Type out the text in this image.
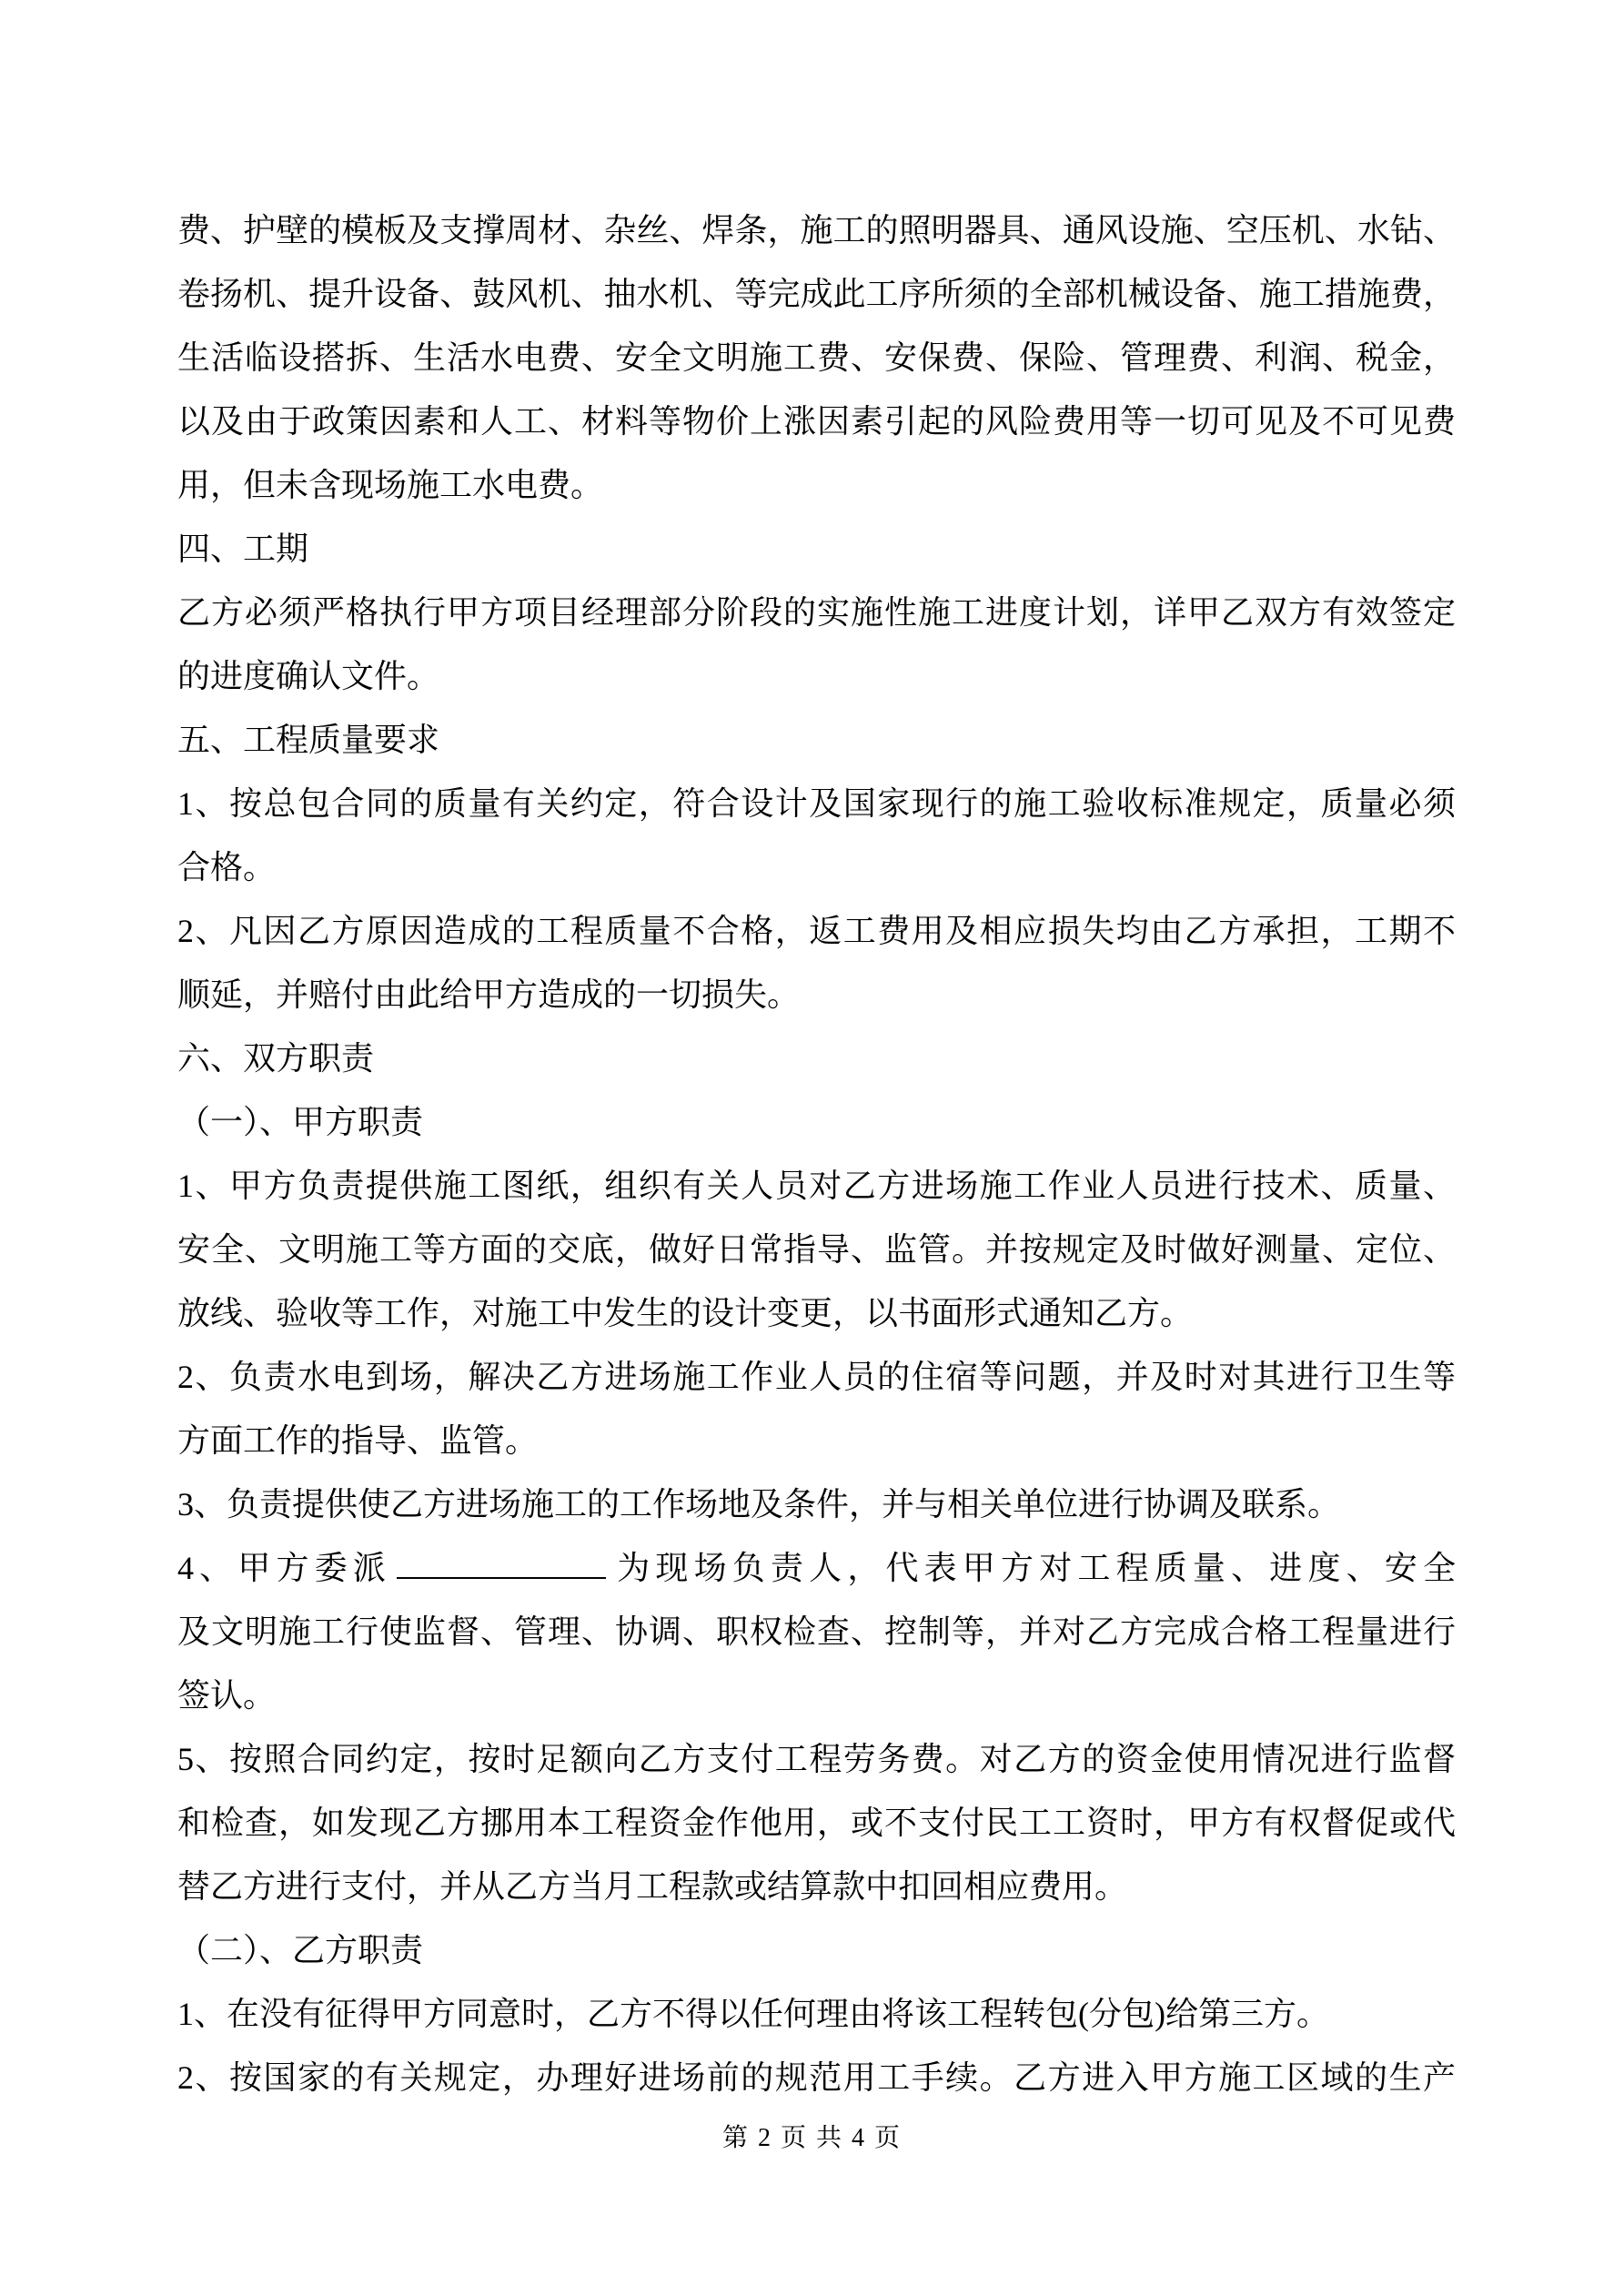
费、护壁的模板及支撑周材、杂丝、焊条，施工的照明器具、通风设施、空压机、水钻、
卷扬机、提升设备、鼓风机、抽水机、等完成此工序所须的全部机械设备、施工措施费，
生活临设搭拆、生活水电费、安全文明施工费、安保费、保险、管理费、利润、税金，
以及由于政策因素和人工、材料等物价上涨因素引起的风险费用等一切可见及不可见费
用，但未含现场施工水电费。
四、工期
乙方必须严格执行甲方项目经理部分阶段的实施性施工进度计划，详甲乙双方有效签定
的进度确认文件。
五、工程质量要求
1、按总包合同的质量有关约定，符合设计及国家现行的施工验收标准规定，质量必须
合格。
2、凡因乙方原因造成的工程质量不合格，返工费用及相应损失均由乙方承担，工期不
顺延，并赔付由此给甲方造成的一切损失。
六、双方职责
（一）、甲方职责
1、甲方负责提供施工图纸，组织有关人员对乙方进场施工作业人员进行技术、质量、
安全、文明施工等方面的交底，做好日常指导、监管。并按规定及时做好测量、定位、
放线、验收等工作，对施工中发生的设计变更，以书面形式通知乙方。
2、负责水电到场，解决乙方进场施工作业人员的住宿等问题，并及时对其进行卫生等
方面工作的指导、监管。
3、负责提供使乙方进场施工的工作场地及条件，并与相关单位进行协调及联系。
4、甲方委派	为现场负责人，代表甲方对工程质量、进度、安全
及文明施工行使监督、管理、协调、职权检查、控制等，并对乙方完成合格工程量进行
签认。
5、按照合同约定，按时足额向乙方支付工程劳务费。对乙方的资金使用情况进行监督
和检查，如发现乙方挪用本工程资金作他用，或不支付民工工资时，甲方有权督促或代
替乙方进行支付，并从乙方当月工程款或结算款中扣回相应费用。
（二）、乙方职责
1、在没有征得甲方同意时，乙方不得以任何理由将该工程转包(分包)给第三方。
2、按国家的有关规定，办理好进场前的规范用工手续。乙方进入甲方施工区域的生产
第 2 页 共 4 页
